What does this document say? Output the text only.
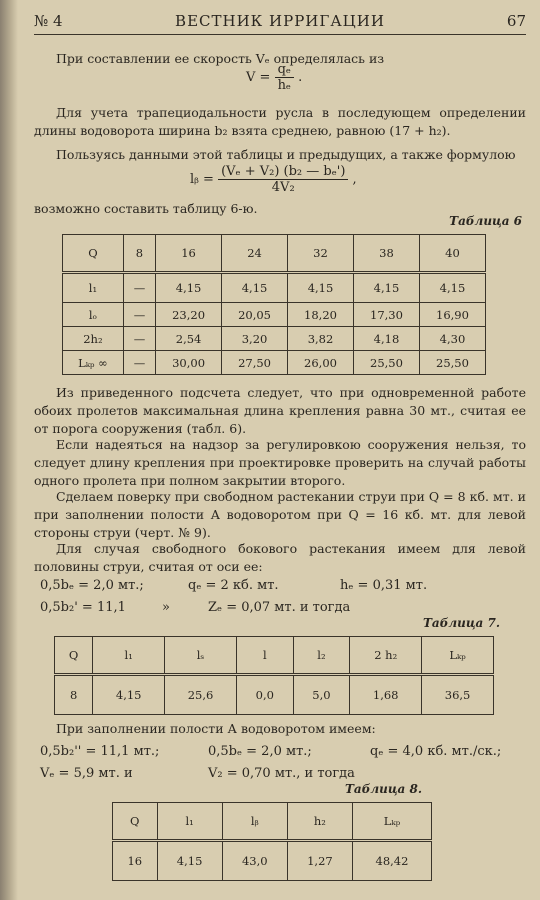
№ 4	ВЕСТНИК ИРРИГАЦИИ	67
При составлении ее скорость Vₑ определялась из
$V = \frac{\text{qₑ}}{\text{hₑ}}$ .
Для учета трапециодальности русла в последующем определении длины водоворота ширина b₂ взята среднею, равною (17 + h₂).
Пользуясь данными этой таблицы и предыдущих, а также формулою
lᵦ = $\frac{\text{(Vₑ + V₂) (b₂ — bₑ')}}{\text{4V₂}}$ ,
возможно составить таблицу 6-ю.
Таблица 6
Q	8	16	24	32	38	40
l₁	—	4,15	4,15	4,15	4,15	4,15
lₒ	—	23,20	20,05	18,20	17,30	16,90
2h₂	—	2,54	3,20	3,82	4,18	4,30
Lₖₚ ∞	—	30,00	27,50	26,00	25,50	25,50
Из приведенного подсчета следует, что при одновременной работе обоих пролетов максимальная длина крепления равна 30 мт., считая ее от порога сооружения (табл. 6).
Если надеяться на надзор за регулировкою сооружения нельзя, то следует длину крепления при проектировке проверить на случай работы одного пролета при полном закрытии второго.
Сделаем поверку при свободном растекании струи при Q = 8 кб. мт. и при заполнении полости А водоворотом при Q = 16 кб. мт. для левой стороны струи (черт. № 9).
Для случая свободного бокового растекания имеем для левой половины струи, считая от оси ее:
0,5bₑ = 2,0 мт.;	qₑ = 2 кб. мт.	hₑ = 0,31 мт.
0,5b₂' = 11,1	»	Zₑ = 0,07 мт. и тогда
Таблица 7.
Q	l₁	lₛ	l	l₂	2 h₂	Lₖₚ
8	4,15	25,6	0,0	5,0	1,68	36,5
При заполнении полости А водоворотом имеем:
0,5b₂'' = 11,1 мт.;	0,5bₑ = 2,0 мт.;	qₑ = 4,0 кб. мт./ск.;
Vₑ = 5,9 мт. и	V₂ = 0,70 мт., и тогда
Таблица 8.
Q	l₁	lᵦ	h₂	Lₖₚ
16	4,15	43,0	1,27	48,42
